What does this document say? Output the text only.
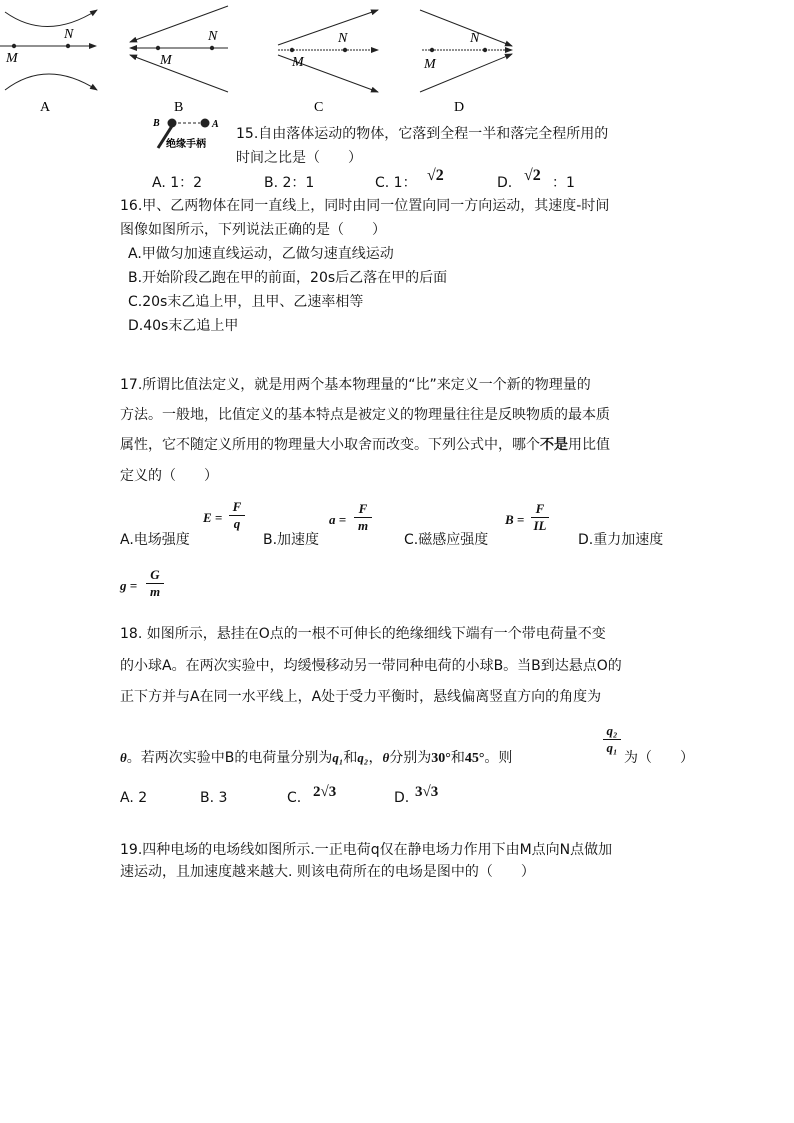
M
N
A
M
N
B
M
N
C
M
N
D
B	A
绝缘手柄
15.自由落体运动的物体，它落到全程一半和落完全程所用的
时间之比是（　　）
A. 1：2	B. 2：1	C. 1： √2	D. √2 ：1
16.甲、乙两物体在同一直线上，同时由同一位置向同一方向运动，其速度-时间
图像如图所示，下列说法正确的是（　　）
A.甲做匀加速直线运动，乙做匀速直线运动
B.开始阶段乙跑在甲的前面，20s后乙落在甲的后面
C.20s末乙追上甲，且甲、乙速率相等
D.40s末乙追上甲
17.所谓比值法定义，就是用两个基本物理量的“比”来定义一个新的物理量的
方法。一般地，比值定义的基本特点是被定义的物理量往往是反映物质的最本质
属性，它不随定义所用的物理量大小取舍而改变。下列公式中，哪个不是用比值
定义的（　　）
A.电场强度
E =
F
q
B.加速度
a =
F
m
C.磁感应强度
B =
F
IL
D.重力加速度
g =
G
m
18. 如图所示，悬挂在O点的一根不可伸长的绝缘细线下端有一个带电荷量不变
的小球A。在两次实验中，均缓慢移动另一带同种电荷的小球B。当B到达悬点O的
正下方并与A在同一水平线上，A处于受力平衡时，悬线偏离竖直方向的角度为
θ。若两次实验中B的电荷量分别为q₁和q₂，θ分别为30°和45°。则
q₂
q₁
为（　　）
A. 2	B. 3	C. 2√3	D. 3√3
19.四种电场的电场线如图所示.一正电荷q仅在静电场力作用下由M点向N点做加
速运动，且加速度越来越大. 则该电荷所在的电场是图中的（　　）
